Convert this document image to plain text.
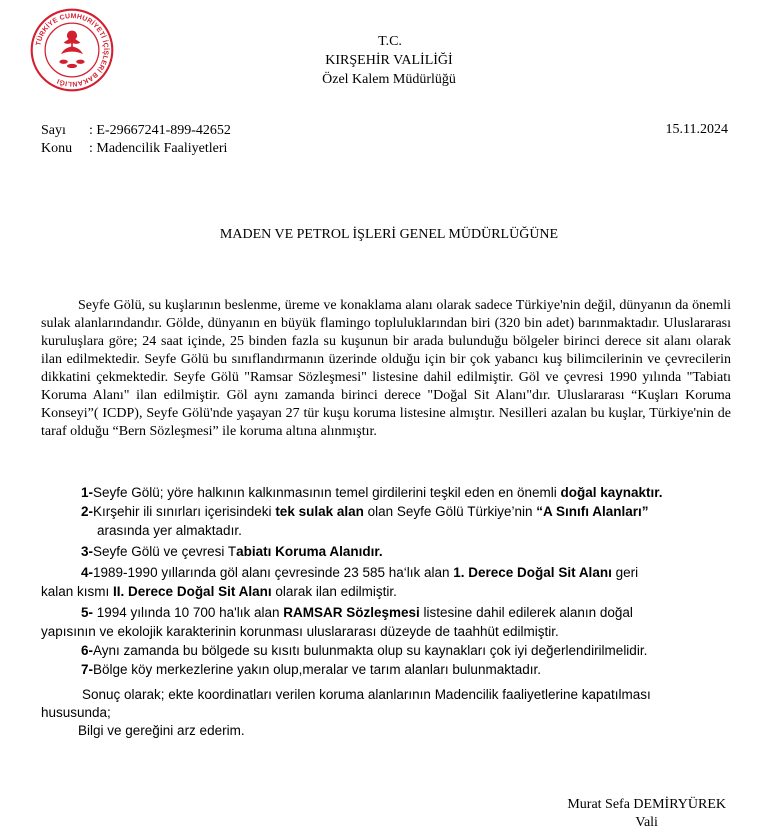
TÜRKİYE CUMHURİYETİ İÇİŞLERİ BAKANLIĞI
T.C.
KIRŞEHİR VALİLİĞİ
Özel Kalem Müdürlüğü
Sayı : E-29667241-899-42652
Konu : Madencilik Faaliyetleri
15.11.2024
MADEN VE PETROL İŞLERİ GENEL MÜDÜRLÜĞÜNE
Seyfe Gölü, su kuşlarının beslenme, üreme ve konaklama alanı olarak sadece Türkiye'nin değil, dünyanın da önemli sulak alanlarındandır. Gölde, dünyanın en büyük flamingo topluluklarından biri (320 bin adet) barınmaktadır. Uluslararası kuruluşlara göre; 24 saat içinde, 25 binden fazla su kuşunun bir arada bulunduğu bölgeler birinci derece sit alanı olarak ilan edilmektedir. Seyfe Gölü bu sınıflandırmanın üzerinde olduğu için bir çok yabancı kuş bilimcilerinin ve çevrecilerin dikkatini çekmektedir. Seyfe Gölü "Ramsar Sözleşmesi" listesine dahil edilmiştir. Göl ve çevresi 1990 yılında "Tabiatı Koruma Alanı" ilan edilmiştir. Göl aynı zamanda birinci derece "Doğal Sit Alanı"dır. Uluslararası “Kuşları Koruma Konseyi”( ICDP), Seyfe Gölü'nde yaşayan 27 tür kuşu koruma listesine almıştır. Nesilleri azalan bu kuşlar, Türkiye'nin de taraf olduğu “Bern Sözleşmesi” ile koruma altına alınmıştır.
1-Seyfe Gölü; yöre halkının kalkınmasının temel girdilerini teşkil eden en önemli doğal kaynaktır.
2-Kırşehir ili sınırları içerisindeki tek sulak alan olan Seyfe Gölü Türkiye’nin “A Sınıfı Alanları”
arasında yer almaktadır.
3-Seyfe Gölü ve çevresi Tabiatı Koruma Alanıdır.
4-1989-1990 yıllarında göl alanı çevresinde 23 585 ha‘lık alan 1. Derece Doğal Sit Alanı geri
kalan kısmı II. Derece Doğal Sit Alanı olarak ilan edilmiştir.
5- 1994 yılında 10 700 ha'lık alan RAMSAR Sözleşmesi listesine dahil edilerek alanın doğal
yapısının ve ekolojik karakterinin korunması uluslararası düzeyde de taahhüt edilmiştir.
6-Aynı zamanda bu bölgede su kısıtı bulunmakta olup su kaynakları çok iyi değerlendirilmelidir.
7-Bölge köy merkezlerine yakın olup,meralar ve tarım alanları bulunmaktadır.
Sonuç olarak; ekte koordinatları verilen koruma alanlarının Madencilik faaliyetlerine kapatılması
hususunda;
Bilgi ve gereğini arz ederim.
Murat Sefa DEMİRYÜREK
Vali
